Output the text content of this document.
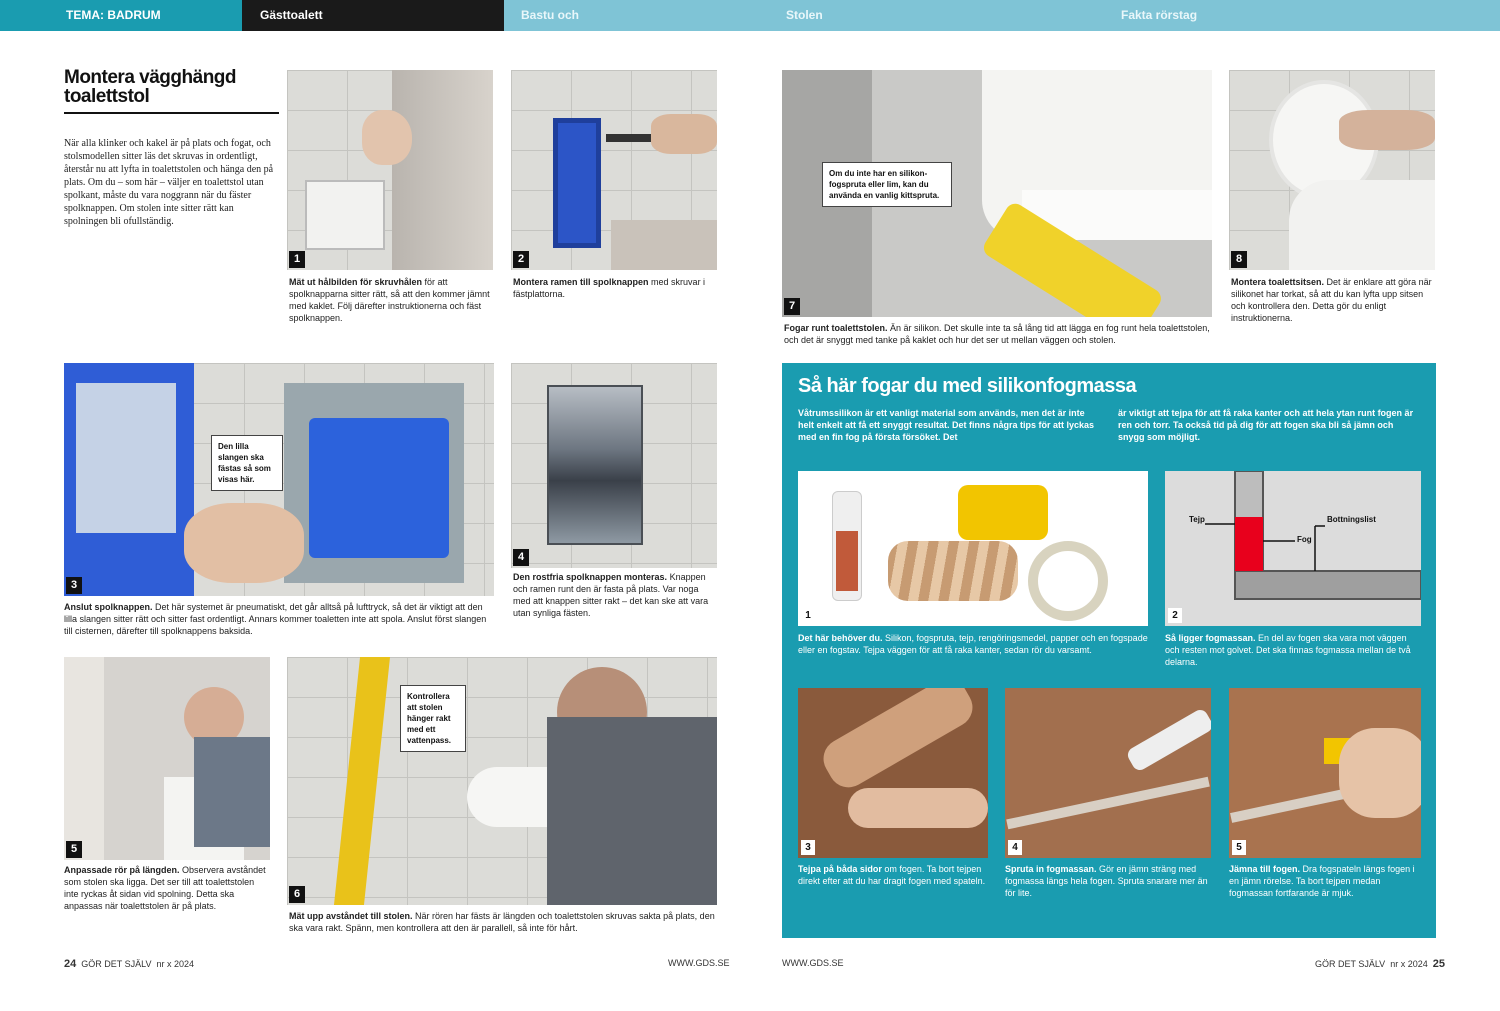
TEMA: BADRUM	Gästtoalett	Bastu och	Stolen	Fakta rörstag
Montera vägghängd toalettstol
När alla klinker och kakel är på plats och fogat, och stolsmodellen sitter läs det skruvas in ordentligt, återstår nu att lyfta in toalettstolen och hänga den på plats. Om du – som här – väljer en toalettstol utan spolkant, måste du vara noggrann när du fäster spolknappen. Om stolen inte sitter rätt kan spolningen bli ofullständig.
1
Mät ut hålbilden för skruvhålen för att spolknapparna sitter rätt, så att den kommer jämnt med kaklet. Följ därefter instruktionerna och fäst spolknappen.
2
Montera ramen till spolknappen med skruvar i fästplattorna.
Den lilla slangen ska fästas så som visas här.
3
Anslut spolknappen. Det här systemet är pneumatiskt, det går alltså på lufttryck, så det är viktigt att den lilla slangen sitter rätt och sitter fast ordentligt. Annars kommer toaletten inte att spola. Anslut först slangen till cisternen, därefter till spolknappens baksida.
4
Den rostfria spolknappen monteras. Knappen och ramen runt den är fasta på plats. Var noga med att knappen sitter rakt – det kan ske att vara utan synliga fästen.
5
Anpassade rör på längden. Observera avståndet som stolen ska ligga. Det ser till att toalettstolen inte ryckas åt sidan vid spolning. Detta ska anpassas när toalettstolen är på plats.
Kontrollera att stolen hänger rakt med ett vattenpass.
6
Mät upp avståndet till stolen. När rören har fästs är längden och toalettstolen skruvas sakta på plats, den ska vara rakt. Spänn, men kontrollera att den är parallell, så inte för hårt.
Om du inte har en silikon-fogspruta eller lim, kan du använda en vanlig kittspruta.
7
Fogar runt toalettstolen. Än är silikon. Det skulle inte ta så lång tid att lägga en fog runt hela toalettstolen, och det är snyggt med tanke på kaklet och hur det ser ut mellan väggen och stolen.
8
Montera toalettsitsen. Det är enklare att göra när silikonet har torkat, så att du kan lyfta upp sitsen och kontrollera den. Detta gör du enligt instruktionerna.
Så här fogar du med silikonfogmassa
Våtrumssilikon är ett vanligt material som används, men det är inte helt enkelt att få ett snyggt resultat. Det finns några tips för att lyckas med en fin fog på första försöket. Det
är viktigt att tejpa för att få raka kanter och att hela ytan runt fogen är ren och torr. Ta också tid på dig för att fogen ska bli så jämn och snygg som möjligt.
1
Det här behöver du. Silikon, fogspruta, tejp, rengöringsmedel, papper och en fogspade eller en fogstav. Tejpa väggen för att få raka kanter, sedan rör du varsamt.
Tejp
Fog
Bottningslist
2
Så ligger fogmassan. En del av fogen ska vara mot väggen och resten mot golvet. Det ska finnas fogmassa mellan de två delarna.
3	4	5
Tejpa på båda sidor om fogen. Ta bort tejpen direkt efter att du har dragit fogen med spateln.
Spruta in fogmassan. Gör en jämn sträng med fogmassa längs hela fogen. Spruta snarare mer än för lite.
Jämna till fogen. Dra fogspateln längs fogen i en jämn rörelse. Ta bort tejpen medan fogmassan fortfarande är mjuk.
24 GÖR DET SJÄLV nr x 2024	WWW.GDS.SE	WWW.GDS.SE	GÖR DET SJÄLV nr x 2024 25
